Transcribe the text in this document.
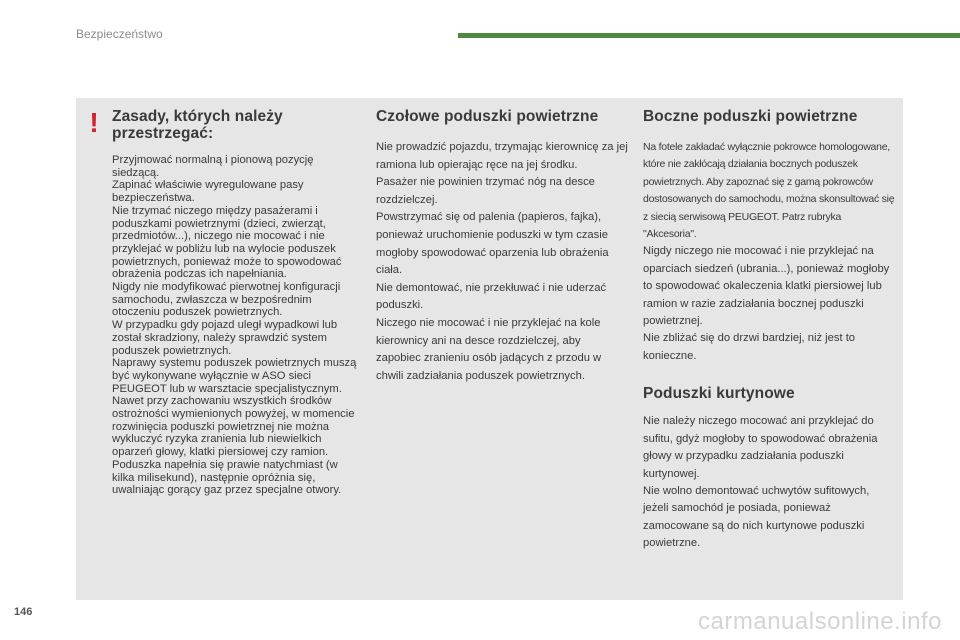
Bezpieczeństwo
! Zasady, których należy przestrzegać:

Przyjmować normalną i pionową pozycję siedzącą.
Zapinać właściwie wyregulowane pasy bezpieczeństwa.
Nie trzymać niczego między pasażerami i poduszkami powietrznymi (dzieci, zwierząt, przedmiotów...), niczego nie mocować i nie przyklejać w pobliżu lub na wylocie poduszek powietrznych, ponieważ może to spowodować obrażenia podczas ich napełniania.
Nigdy nie modyfikować pierwotnej konfiguracji samochodu, zwłaszcza w bezpośrednim otoczeniu poduszek powietrznych.
W przypadku gdy pojazd uległ wypadkowi lub został skradziony, należy sprawdzić system poduszek powietrznych.
Naprawy systemu poduszek powietrznych muszą być wykonywane wyłącznie w ASO sieci PEUGEOT lub w warsztacie specjalistycznym.
Nawet przy zachowaniu wszystkich środków ostrożności wymienionych powyżej, w momencie rozwinięcia poduszki powietrznej nie można wykluczyć ryzyka zranienia lub niewielkich oparzeń głowy, klatki piersiowej czy ramion. Poduszka napełnia się prawie natychmiast (w kilka milisekund), następnie opróżnia się, uwalniając gorący gaz przez specjalne otwory.

Czołowe poduszki powietrzne

Nie prowadzić pojazdu, trzymając kierownicę za jej ramiona lub opierając ręce na jej środku.
Pasażer nie powinien trzymać nóg na desce rozdzielczej.
Powstrzymać się od palenia (papieros, fajka), ponieważ uruchomienie poduszki w tym czasie mogłoby spowodować oparzenia lub obrażenia ciała.
Nie demontować, nie przekłuwać i nie uderzać poduszki.
Niczego nie mocować i nie przyklejać na kole kierownicy ani na desce rozdzielczej, aby zapobiec zranieniu osób jadących z przodu w chwili zadziałania poduszek powietrznych.

Boczne poduszki powietrzne

Na fotele zakładać wyłącznie pokrowce homologowane, które nie zakłócają działania bocznych poduszek powietrznych. Aby zapoznać się z gamą pokrowców dostosowanych do samochodu, można skonsultować się z siecią serwisową PEUGEOT. Patrz rubryka "Akcesoria".

Nigdy niczego nie mocować i nie przyklejać na oparciach siedzeń (ubrania...), ponieważ mogłoby to spowodować okaleczenia klatki piersiowej lub ramion w razie zadziałania bocznej poduszki powietrznej.
Nie zbliżać się do drzwi bardziej, niż jest to konieczne.

Poduszki kurtynowe

Nie należy niczego mocować ani przyklejać do sufitu, gdyż mogłoby to spowodować obrażenia głowy w przypadku zadziałania poduszki kurtynowej.
Nie wolno demontować uchwytów sufitowych, jeżeli samochód je posiada, ponieważ zamocowane są do nich kurtynowe poduszki powietrzne.

146	carmanualsonline.info
